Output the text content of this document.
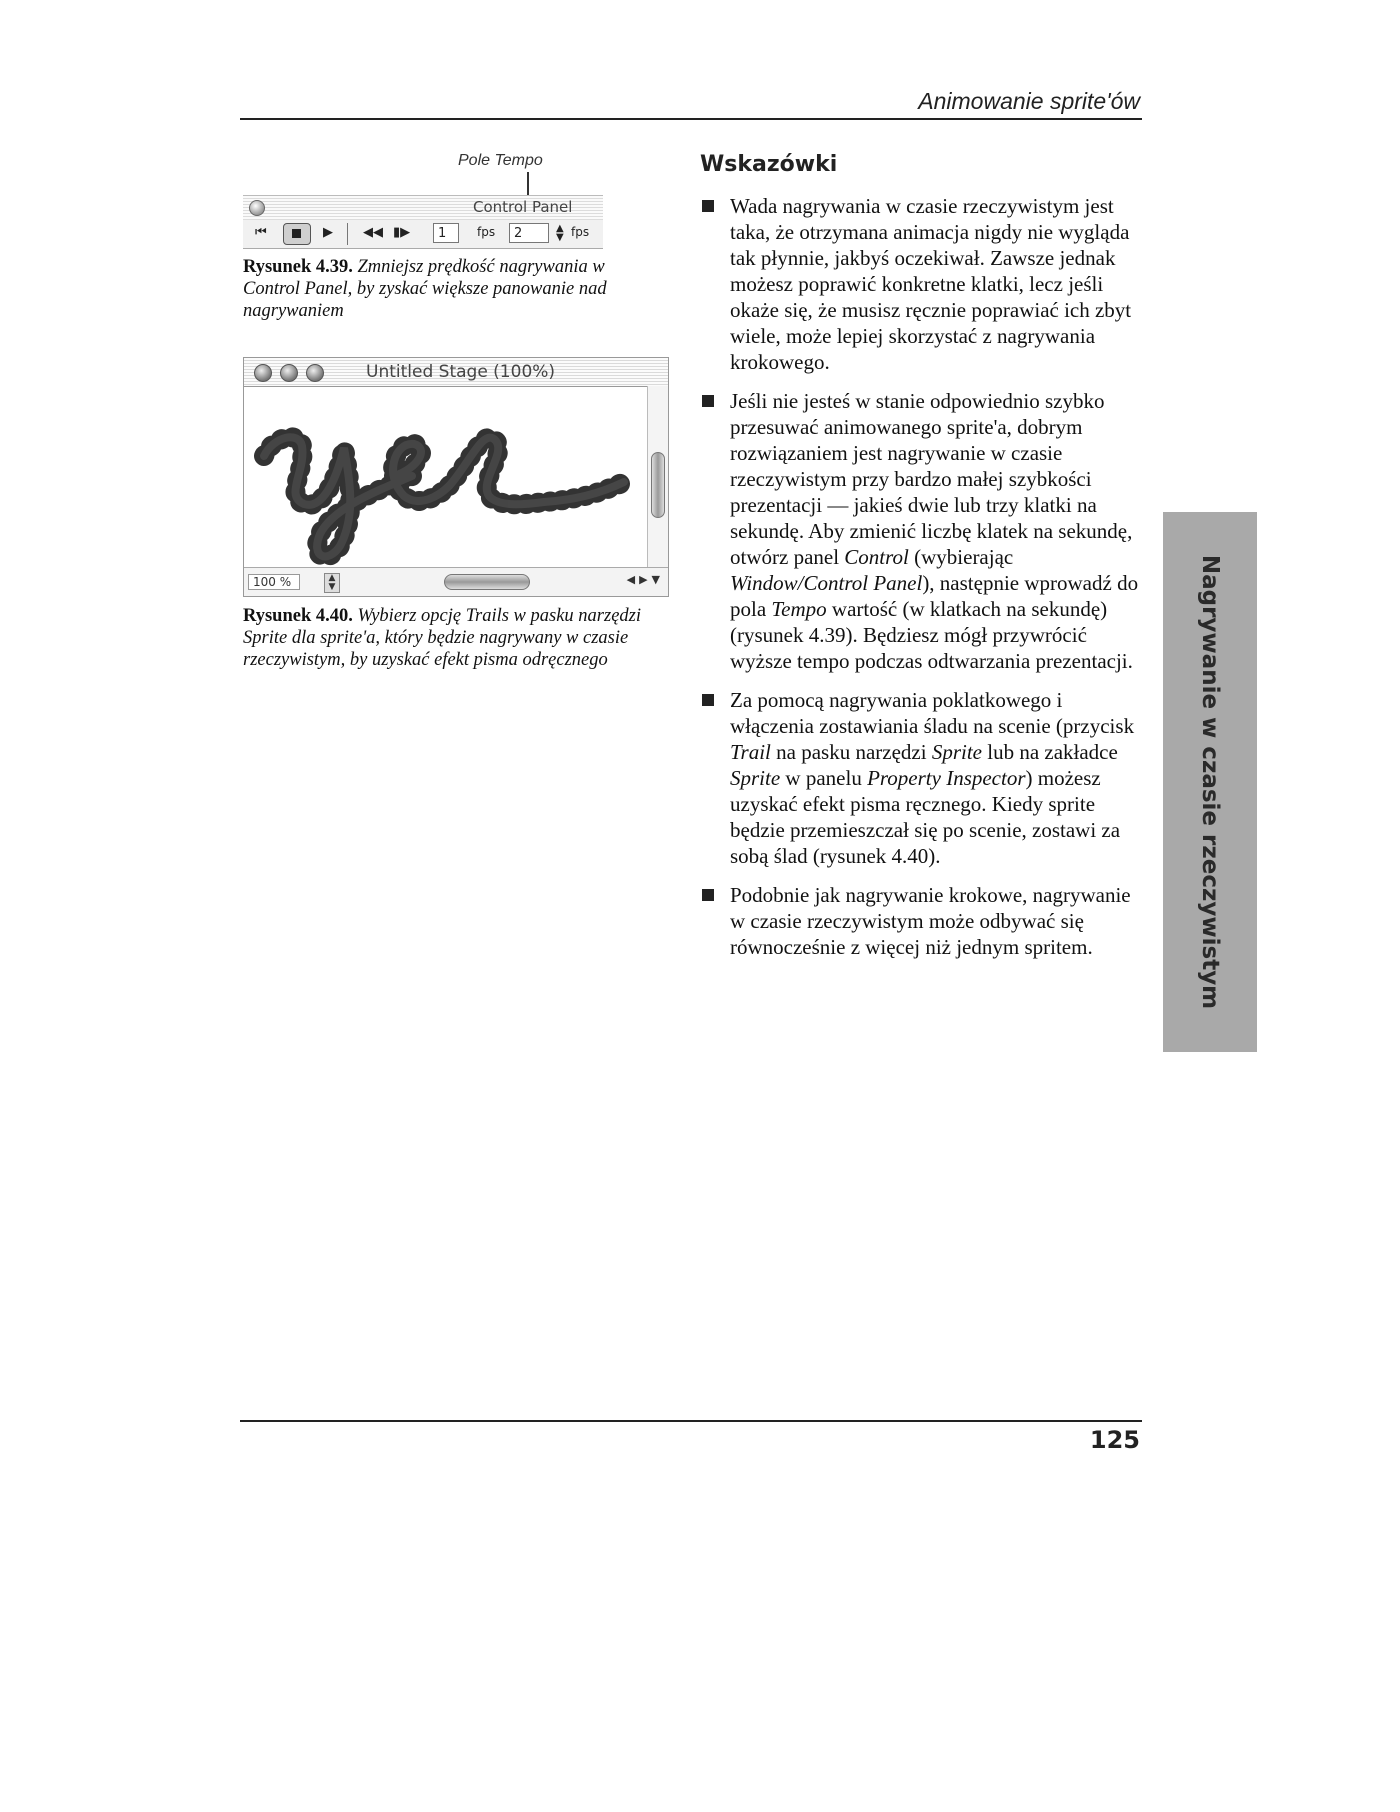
Animowanie sprite'ów
Pole Tempo
Control Panel
⏮	▶ ◀◀ ▮▶	1	fps	2	▲
▼ fps
Rysunek 4.39. Zmniejsz prędkość nagrywania w Control Panel, by zyskać większe panowanie nad nagrywaniem
Untitled Stage (100%)
100 %	▲
▼
◀▶▼
Rysunek 4.40. Wybierz opcję Trails w pasku narzędzi Sprite dla sprite'a, który będzie nagrywany w czasie rzeczywistym, by uzyskać efekt pisma odręcznego
Wskazówki
Wada nagrywania w czasie rzeczywistym jest taka, że otrzymana animacja nigdy nie wygląda tak płynnie, jakbyś oczekiwał. Zawsze jednak możesz poprawić konkretne klatki, lecz jeśli okaże się, że musisz ręcznie poprawiać ich zbyt wiele, może lepiej skorzystać z nagrywania krokowego.
Jeśli nie jesteś w stanie odpowiednio szybko przesuwać animowanego sprite'a, dobrym rozwiązaniem jest nagrywanie w czasie rzeczywistym przy bardzo małej szybkości prezentacji — jakieś dwie lub trzy klatki na sekundę. Aby zmienić liczbę klatek na sekundę, otwórz panel Control (wybierając Window/Control Panel), następnie wprowadź do pola Tempo wartość (w klatkach na sekundę) (rysunek 4.39). Będziesz mógł przywrócić wyższe tempo podczas odtwarzania prezentacji.
Za pomocą nagrywania poklatkowego i włączenia zostawiania śladu na scenie (przycisk Trail na pasku narzędzi Sprite lub na zakładce Sprite w panelu Property Inspector) możesz uzyskać efekt pisma ręcznego. Kiedy sprite będzie przemieszczał się po scenie, zostawi za sobą ślad (rysunek 4.40).
Podobnie jak nagrywanie krokowe, nagrywanie w czasie rzeczywistym może odbywać się równocześnie z więcej niż jednym spritem.	Nagrywanie w czasie rzeczywistym
125
